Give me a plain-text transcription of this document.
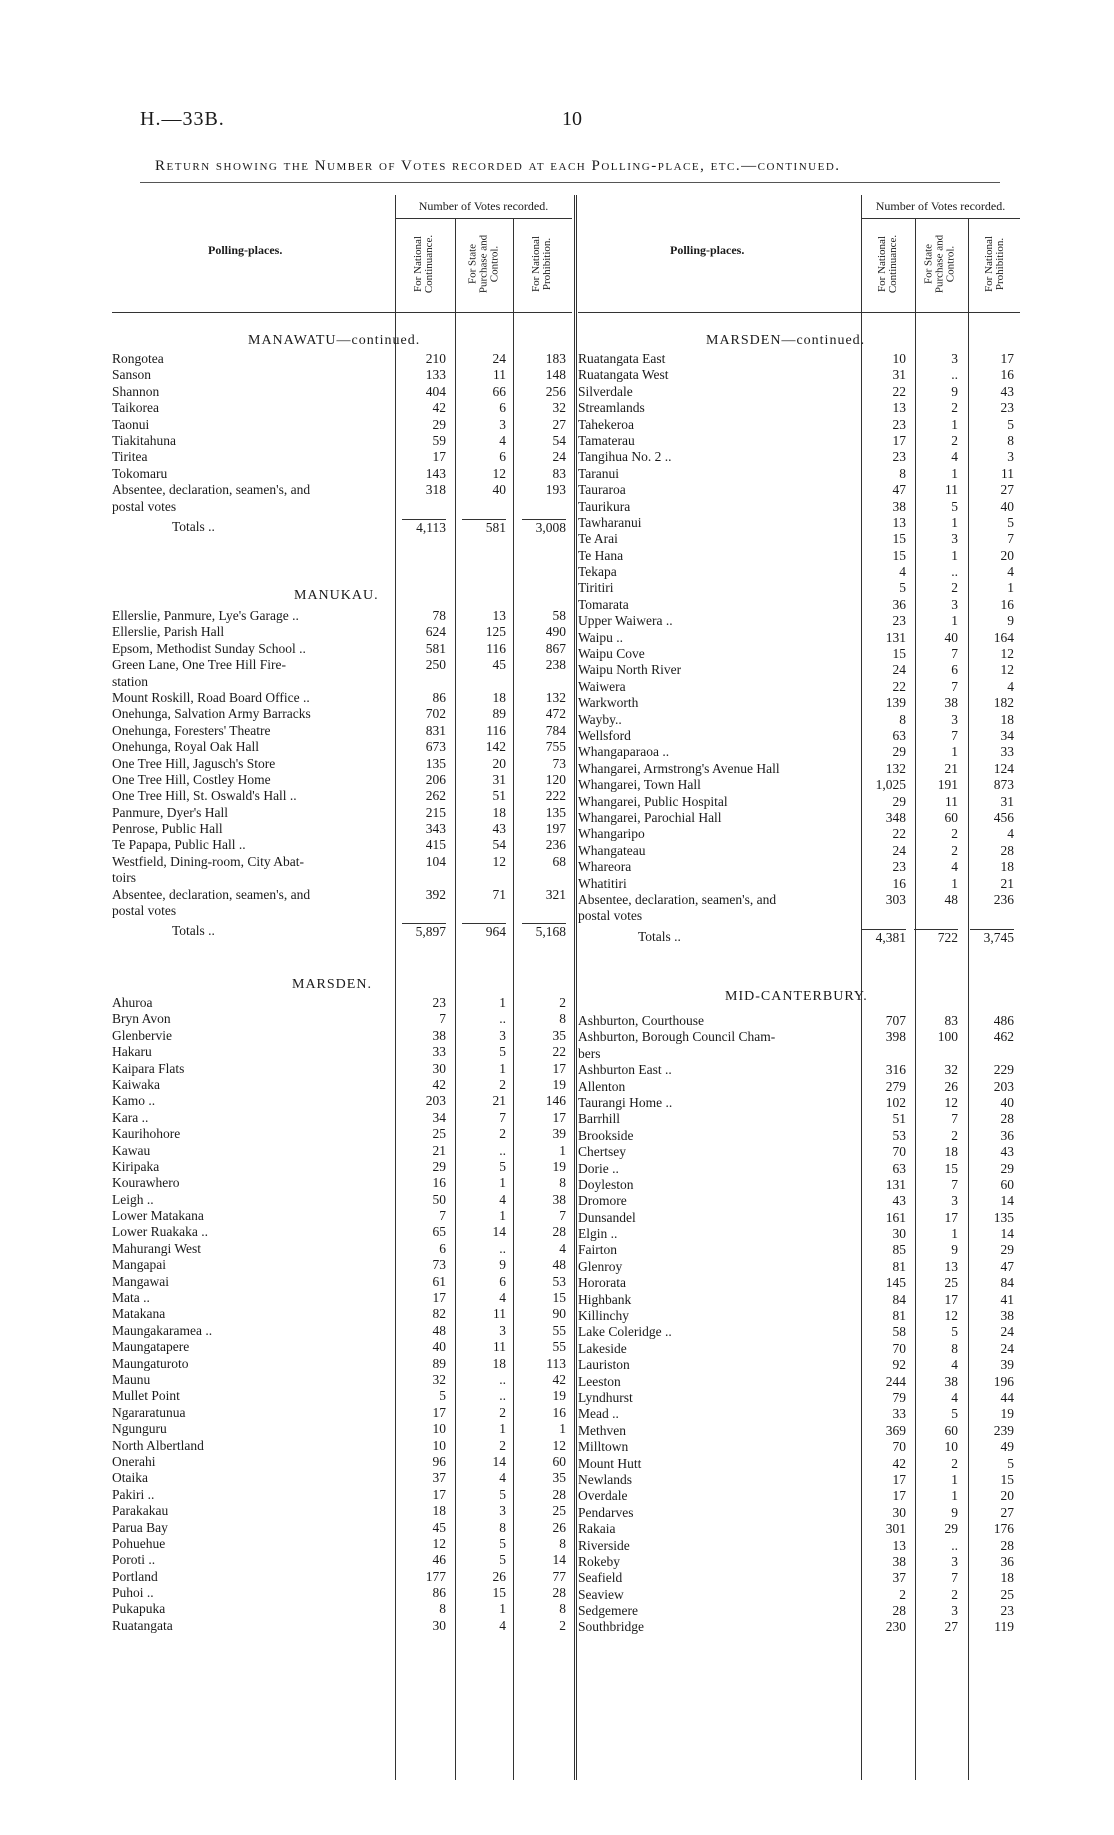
H.—33B.	10
Return showing the Number of Votes recorded at each Polling-place, etc.—continued.
Polling-places.
Number of Votes recorded.
For National
Continuance.	For State
Purchase and
Control.
For National
Prohibition.
MANAWATU—continued.
Rongotea	210	24	183
Sanson	133	11	148
Shannon	404	66	256
Taikorea	42	6	32
Taonui	29	3	27
Tiakitahuna	59	4	54
Tiritea	17	6	24
Tokomaru	143	12	83
Absentee, declaration, seamen's, and	318	40	193
postal votes
Totals ..	4,113	581	3,008
MANUKAU.
Ellerslie, Panmure, Lye's Garage ..	78	13	58
Ellerslie, Parish Hall	624	125	490
Epsom, Methodist Sunday School ..	581	116	867
Green Lane, One Tree Hill Fire-	250	45	238
station
Mount Roskill, Road Board Office ..	86	18	132
Onehunga, Salvation Army Barracks	702	89	472
Onehunga, Foresters' Theatre	831	116	784
Onehunga, Royal Oak Hall	673	142	755
One Tree Hill, Jagusch's Store	135	20	73
One Tree Hill, Costley Home	206	31	120
One Tree Hill, St. Oswald's Hall ..	262	51	222
Panmure, Dyer's Hall	215	18	135
Penrose, Public Hall	343	43	197
Te Papapa, Public Hall ..	415	54	236
Westfield, Dining-room, City Abat-	104	12	68
toirs
Absentee, declaration, seamen's, and	392	71	321
postal votes
Totals ..	5,897	964	5,168
MARSDEN.
Ahuroa	23	1	2
Bryn Avon	7	..	8
Glenbervie	38	3	35
Hakaru	33	5	22
Kaipara Flats	30	1	17
Kaiwaka	42	2	19
Kamo ..	203	21	146
Kara ..	34	7	17
Kaurihohore	25	2	39
Kawau	21	..	1
Kiripaka	29	5	19
Kourawhero	16	1	8
Leigh ..	50	4	38
Lower Matakana	7	1	7
Lower Ruakaka ..	65	14	28
Mahurangi West	6	..	4
Mangapai	73	9	48
Mangawai	61	6	53
Mata ..	17	4	15
Matakana	82	11	90
Maungakaramea ..	48	3	55
Maungatapere	40	11	55
Maungaturoto	89	18	113
Maunu	32	..	42
Mullet Point	5	..	19
Ngararatunua	17	2	16
Ngunguru	10	1	1
North Albertland	10	2	12
Onerahi	96	14	60
Otaika	37	4	35
Pakiri ..	17	5	28
Parakakau	18	3	25
Parua Bay	45	8	26
Pohuehue	12	5	8
Poroti ..	46	5	14
Portland	177	26	77
Puhoi ..	86	15	28
Pukapuka	8	1	8
Ruatangata	30	4	2
Polling-places.
Number of Votes recorded.
For National
Continuance. For State
Purchase and
Control.
For National
Prohibition.
MARSDEN—continued.
Ruatangata East	10	3	17
Ruatangata West	31	..	16
Silverdale	22	9	43
Streamlands	13	2	23
Tahekeroa	23	1	5
Tamaterau	17	2	8
Tangihua No. 2 ..	23	4	3
Taranui	8	1	11
Tauraroa	47	11	27
Taurikura	38	5	40
Tawharanui	13	1	5
Te Arai	15	3	7
Te Hana	15	1	20
Tekapa	4	..	4
Tiritiri	5	2	1
Tomarata	36	3	16
Upper Waiwera ..	23	1	9
Waipu ..	131	40	164
Waipu Cove	15	7	12
Waipu North River	24	6	12
Waiwera	22	7	4
Warkworth	139	38	182
Wayby..	8	3	18
Wellsford	63	7	34
Whangaparaoa ..	29	1	33
Whangarei, Armstrong's Avenue Hall	132	21	124
Whangarei, Town Hall	1,025	191	873
Whangarei, Public Hospital	29	11	31
Whangarei, Parochial Hall	348	60	456
Whangaripo	22	2	4
Whangateau	24	2	28
Whareora	23	4	18
Whatitiri	16	1	21
Absentee, declaration, seamen's, and	303	48	236
postal votes
Totals ..	4,381	722	3,745
MID-CANTERBURY.
Ashburton, Courthouse	707	83	486
Ashburton, Borough Council Cham-	398	100	462
bers
Ashburton East ..	316	32	229
Allenton	279	26	203
Taurangi Home ..	102	12	40
Barrhill	51	7	28
Brookside	53	2	36
Chertsey	70	18	43
Dorie ..	63	15	29
Doyleston	131	7	60
Dromore	43	3	14
Dunsandel	161	17	135
Elgin ..	30	1	14
Fairton	85	9	29
Glenroy	81	13	47
Hororata	145	25	84
Highbank	84	17	41
Killinchy	81	12	38
Lake Coleridge ..	58	5	24
Lakeside	70	8	24
Lauriston	92	4	39
Leeston	244	38	196
Lyndhurst	79	4	44
Mead ..	33	5	19
Methven	369	60	239
Milltown	70	10	49
Mount Hutt	42	2	5
Newlands	17	1	15
Overdale	17	1	20
Pendarves	30	9	27
Rakaia	301	29	176
Riverside	13	..	28
Rokeby	38	3	36
Seafield	37	7	18
Seaview	2	2	25
Sedgemere	28	3	23
Southbridge	230	27	119
